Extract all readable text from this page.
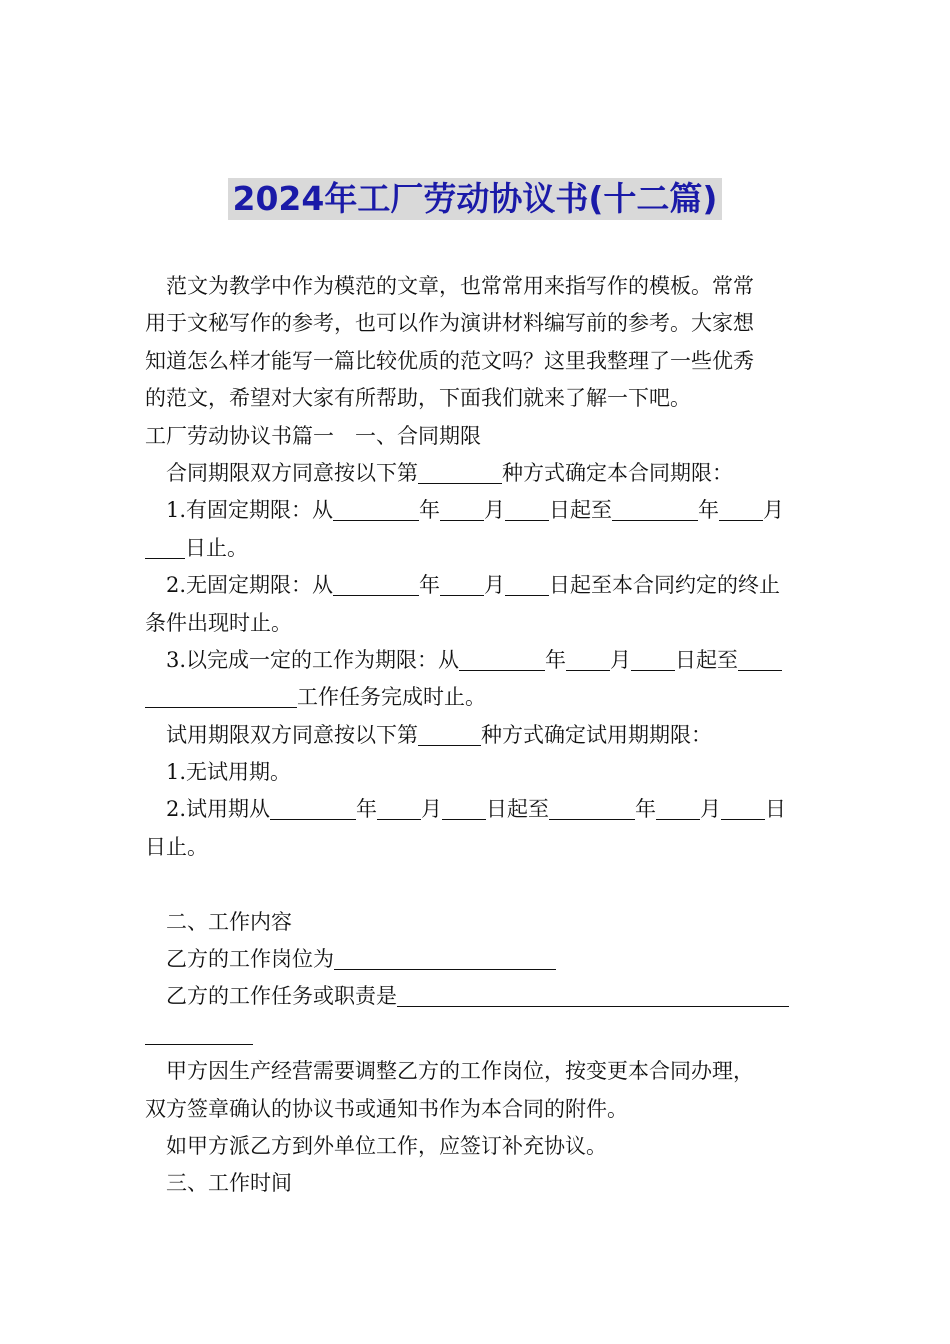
2024年工厂劳动协议书(十二篇)
范文为教学中作为模范的文章，也常常用来指写作的模板。常常
用于文秘写作的参考，也可以作为演讲材料编写前的参考。大家想
知道怎么样才能写一篇比较优质的范文吗？这里我整理了一些优秀
的范文，希望对大家有所帮助，下面我们就来了解一下吧。
工厂劳动协议书篇一　一、合同期限
合同期限双方同意按以下第	种方式确定本合同期限：
1.有固定期限：从	年 月 日起至	年 月
日止。
2.无固定期限：从	年 月 日起至本合同约定的终止
条件出现时止。
3.以完成一定的工作为期限：从	年 月 日起至
工作任务完成时止。
试用期限双方同意按以下第	种方式确定试用期期限：
1.无试用期。
2.试用期从	年 月 日起至	年 月 日
日止。
二、工作内容
乙方的工作岗位为
乙方的工作任务或职责是
甲方因生产经营需要调整乙方的工作岗位，按变更本合同办理，
双方签章确认的协议书或通知书作为本合同的附件。
如甲方派乙方到外单位工作，应签订补充协议。
三、工作时间
